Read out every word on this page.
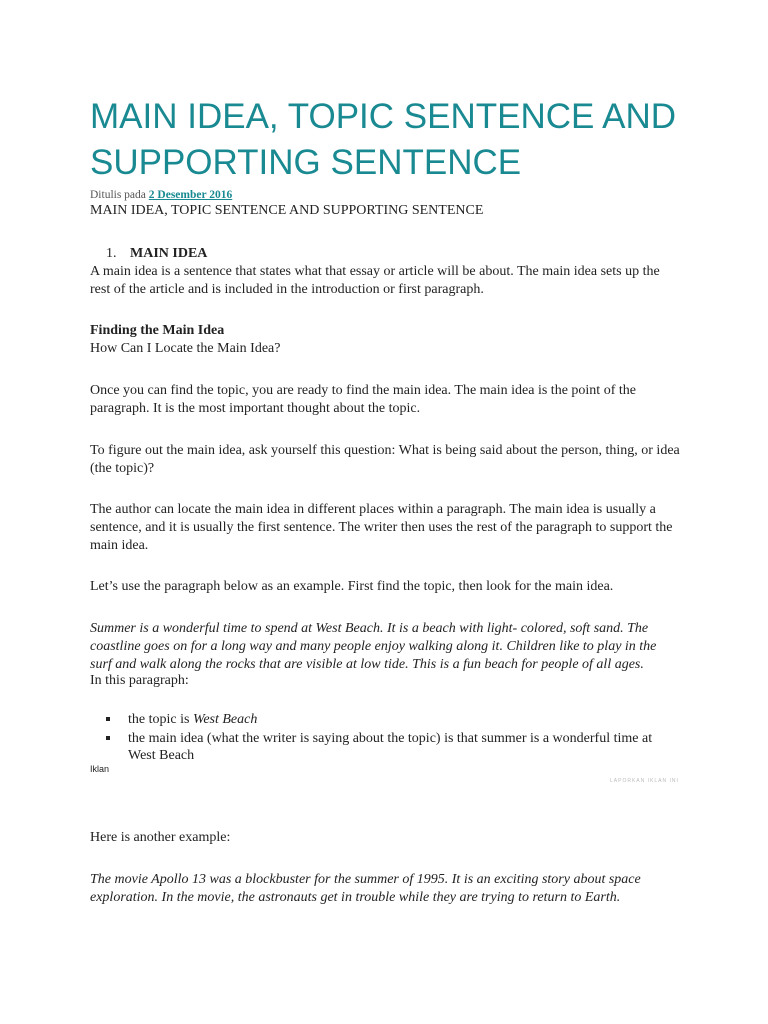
MAIN IDEA, TOPIC SENTENCE AND SUPPORTING SENTENCE
Ditulis pada 2 Desember 2016
MAIN IDEA, TOPIC SENTENCE AND SUPPORTING SENTENCE
1. MAIN IDEA

A main idea is a sentence that states what that essay or article will be about. The main idea sets up the rest of the article and is included in the introduction or first paragraph.

Finding the Main Idea

How Can I Locate the Main Idea?

Once you can find the topic, you are ready to find the main idea. The main idea is the point of the paragraph. It is the most important thought about the topic.

To figure out the main idea, ask yourself this question: What is being said about the person, thing, or idea (the topic)?

The author can locate the main idea in different places within a paragraph. The main idea is usually a sentence, and it is usually the first sentence. The writer then uses the rest of the paragraph to support the main idea.

Let’s use the paragraph below as an example. First find the topic, then look for the main idea.

Summer is a wonderful time to spend at West Beach. It is a beach with light- colored, soft sand. The coastline goes on for a long way and many people enjoy walking along it. Children like to play in the surf and walk along the rocks that are visible at low tide. This is a fun beach for people of all ages.

In this paragraph:

the topic is West Beach
the main idea (what the writer is saying about the topic) is that summer is a wonderful time at West Beach
Iklan
LAPORKAN IKLAN INI

Here is another example:

The movie Apollo 13 was a blockbuster for the summer of 1995. It is an exciting story about space exploration. In the movie, the astronauts get in trouble while they are trying to return to Earth.
